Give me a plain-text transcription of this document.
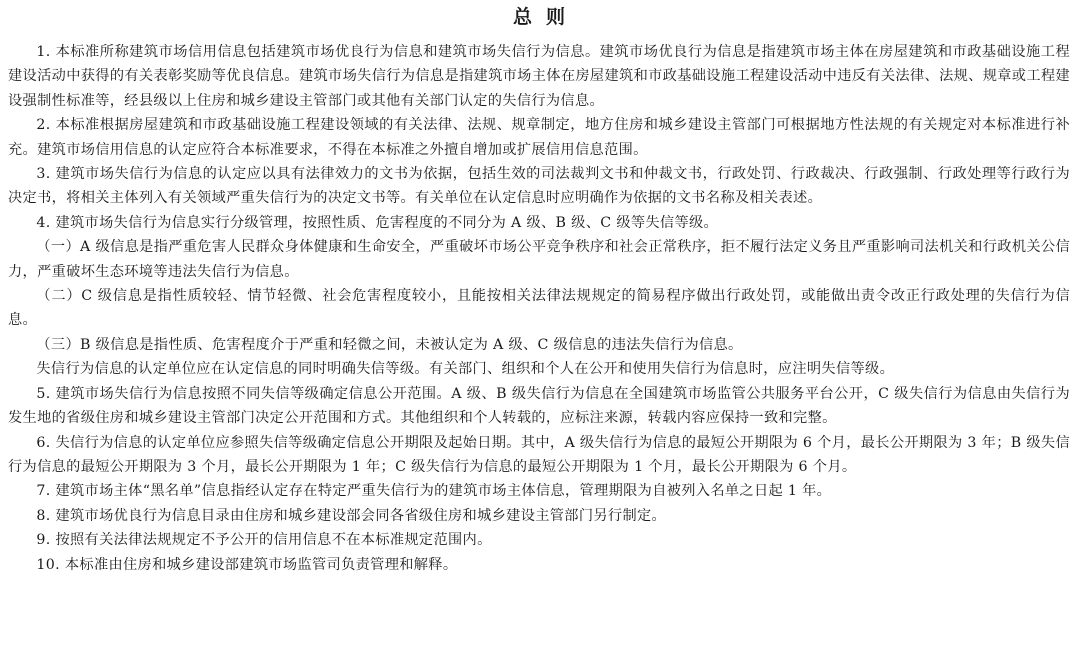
总则

1. 本标准所称建筑市场信用信息包括建筑市场优良行为信息和建筑市场失信行为信息。建筑市场优良行为信息是指建筑市场主体在房屋建筑和市政基础设施工程建设活动中获得的有关表彰奖励等优良信息。建筑市场失信行为信息是指建筑市场主体在房屋建筑和市政基础设施工程建设活动中违反有关法律、法规、规章或工程建设强制性标准等，经县级以上住房和城乡建设主管部门或其他有关部门认定的失信行为信息。

2. 本标准根据房屋建筑和市政基础设施工程建设领域的有关法律、法规、规章制定，地方住房和城乡建设主管部门可根据地方性法规的有关规定对本标准进行补充。建筑市场信用信息的认定应符合本标准要求，不得在本标准之外擅自增加或扩展信用信息范围。

3. 建筑市场失信行为信息的认定应以具有法律效力的文书为依据，包括生效的司法裁判文书和仲裁文书，行政处罚、行政裁决、行政强制、行政处理等行政行为决定书，将相关主体列入有关领域严重失信行为的决定文书等。有关单位在认定信息时应明确作为依据的文书名称及相关表述。

4. 建筑市场失信行为信息实行分级管理，按照性质、危害程度的不同分为 A 级、B 级、C 级等失信等级。

（一）A 级信息是指严重危害人民群众身体健康和生命安全，严重破坏市场公平竞争秩序和社会正常秩序，拒不履行法定义务且严重影响司法机关和行政机关公信力，严重破坏生态环境等违法失信行为信息。

（二）C 级信息是指性质较轻、情节轻微、社会危害程度较小，且能按相关法律法规规定的简易程序做出行政处罚，或能做出责令改正行政处理的失信行为信息。

（三）B 级信息是指性质、危害程度介于严重和轻微之间，未被认定为 A 级、C 级信息的违法失信行为信息。

失信行为信息的认定单位应在认定信息的同时明确失信等级。有关部门、组织和个人在公开和使用失信行为信息时，应注明失信等级。

5. 建筑市场失信行为信息按照不同失信等级确定信息公开范围。A 级、B 级失信行为信息在全国建筑市场监管公共服务平台公开，C 级失信行为信息由失信行为发生地的省级住房和城乡建设主管部门决定公开范围和方式。其他组织和个人转载的，应标注来源，转载内容应保持一致和完整。

6. 失信行为信息的认定单位应参照失信等级确定信息公开期限及起始日期。其中，A 级失信行为信息的最短公开期限为 6 个月，最长公开期限为 3 年；B 级失信行为信息的最短公开期限为 3 个月，最长公开期限为 1 年；C 级失信行为信息的最短公开期限为 1 个月，最长公开期限为 6 个月。

7. 建筑市场主体“黑名单”信息指经认定存在特定严重失信行为的建筑市场主体信息，管理期限为自被列入名单之日起 1 年。

8. 建筑市场优良行为信息目录由住房和城乡建设部会同各省级住房和城乡建设主管部门另行制定。

9. 按照有关法律法规规定不予公开的信用信息不在本标准规定范围内。

10. 本标准由住房和城乡建设部建筑市场监管司负责管理和解释。
